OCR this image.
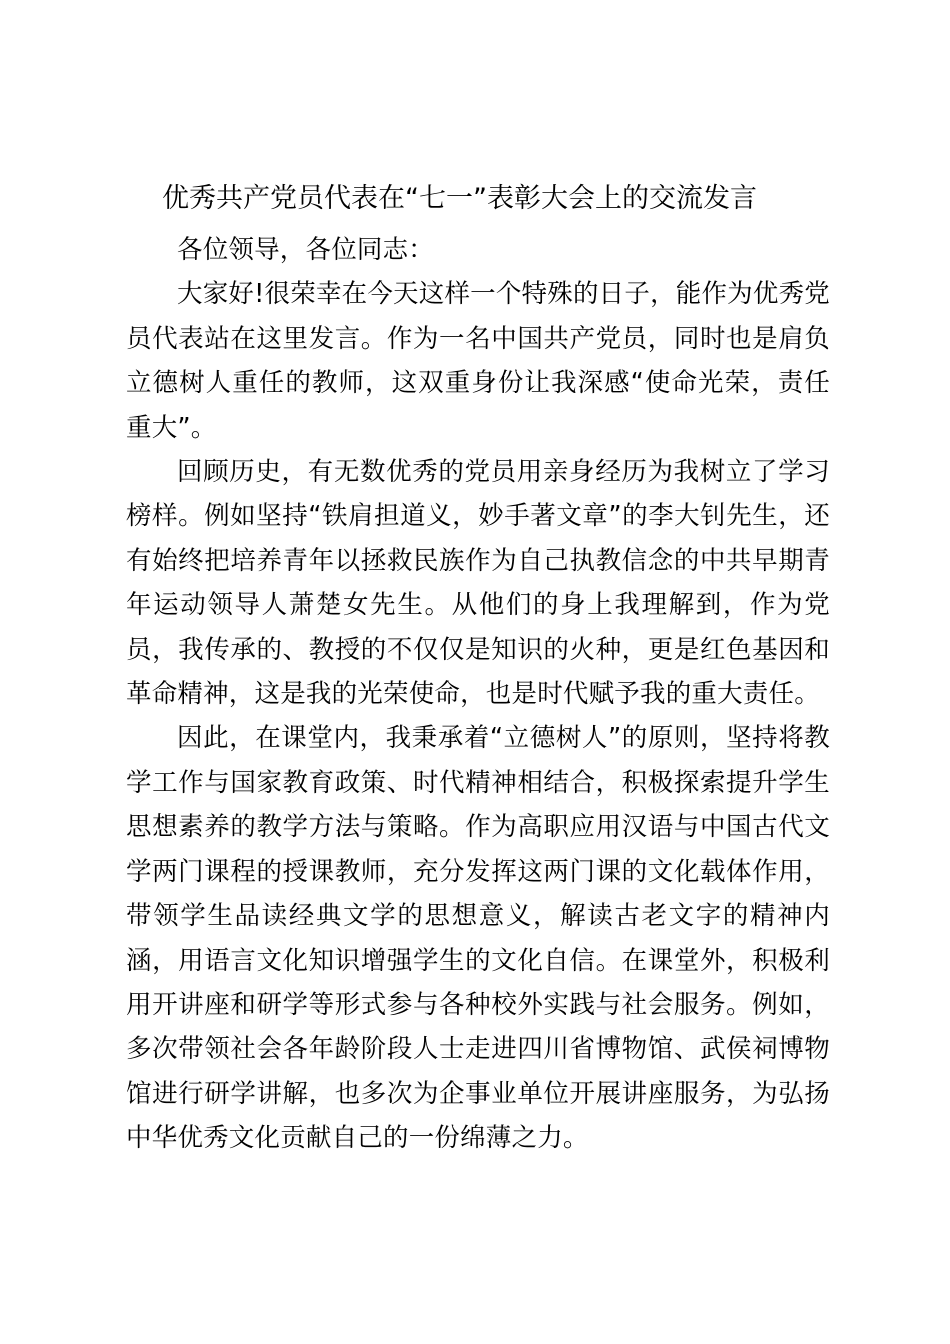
优秀共产党员代表在“七一”表彰大会上的交流发言

各位领导，各位同志：

大家好!很荣幸在今天这样一个特殊的日子，能作为优秀党员代表站在这里发言。作为一名中国共产党员，同时也是肩负立德树人重任的教师，这双重身份让我深感“使命光荣，责任重大”。

回顾历史，有无数优秀的党员用亲身经历为我树立了学习榜样。例如坚持“铁肩担道义，妙手著文章”的李大钊先生，还有始终把培养青年以拯救民族作为自己执教信念的中共早期青年运动领导人萧楚女先生。从他们的身上我理解到，作为党员，我传承的、教授的不仅仅是知识的火种，更是红色基因和革命精神，这是我的光荣使命，也是时代赋予我的重大责任。

因此，在课堂内，我秉承着“立德树人”的原则，坚持将教学工作与国家教育政策、时代精神相结合，积极探索提升学生思想素养的教学方法与策略。作为高职应用汉语与中国古代文学两门课程的授课教师，充分发挥这两门课的文化载体作用，带领学生品读经典文学的思想意义，解读古老文字的精神内涵，用语言文化知识增强学生的文化自信。在课堂外，积极利用开讲座和研学等形式参与各种校外实践与社会服务。例如，多次带领社会各年龄阶段人士走进四川省博物馆、武侯祠博物馆进行研学讲解，也多次为企事业单位开展讲座服务，为弘扬中华优秀文化贡献自己的一份绵薄之力。
